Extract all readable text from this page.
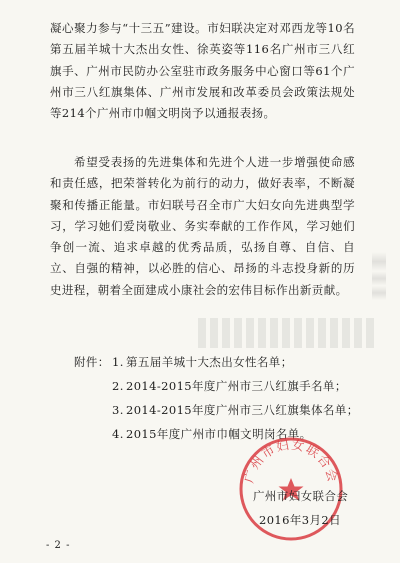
凝心聚力参与“十三五”建设。市妇联决定对邓西龙等10名第五届羊城十大杰出女性、徐英姿等116名广州市三八红旗手、广州市民防办公室驻市政务服务中心窗口等61个广州市三八红旗集体、广州市发展和改革委员会政策法规处等214个广州市巾帼文明岗予以通报表扬。

希望受表扬的先进集体和先进个人进一步增强使命感和责任感，把荣誉转化为前行的动力，做好表率，不断凝聚和传播正能量。市妇联号召全市广大妇女向先进典型学习，学习她们爱岗敬业、务实奉献的工作作风，学习她们争创一流、追求卓越的优秀品质，弘扬自尊、自信、自立、自强的精神，以必胜的信心、昂扬的斗志投身新的历史进程，朝着全面建成小康社会的宏伟目标作出新贡献。

附件： 1. 第五届羊城十大杰出女性名单；
2. 2014-2015年度广州市三八红旗手名单；
3. 2014-2015年度广州市三八红旗集体名单；
4. 2015年度广州市巾帼文明岗名单。
广州市妇女联合会
广州市妇女联合会
2016年3月2日
- 2 -
